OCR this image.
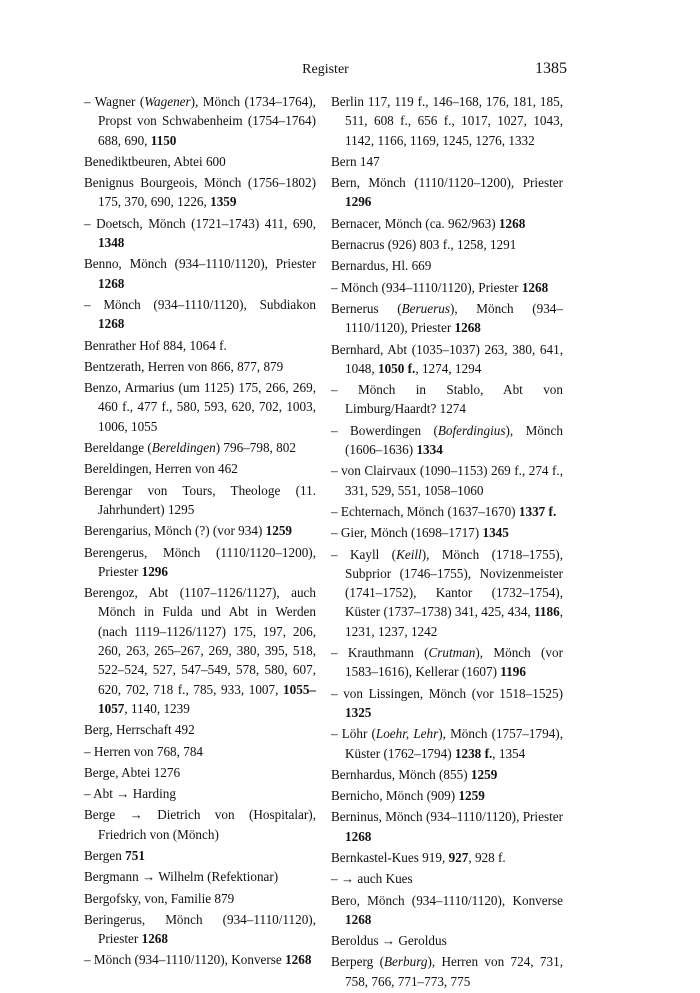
Register	1385

– Wagner (Wagener), Mönch (1734–1764), Propst von Schwabenheim (1754–1764) 688, 690, 1150

Benediktbeuren, Abtei 600

Benignus Bourgeois, Mönch (1756–1802) 175, 370, 690, 1226, 1359

– Doetsch, Mönch (1721–1743) 411, 690, 1348

Benno, Mönch (934–1110/1120), Priester 1268

– Mönch (934–1110/1120), Subdiakon 1268

Benrather Hof 884, 1064 f.

Bentzerath, Herren von 866, 877, 879

Benzo, Armarius (um 1125) 175, 266, 269, 460 f., 477 f., 580, 593, 620, 702, 1003, 1006, 1055

Bereldange (Bereldingen) 796–798, 802

Bereldingen, Herren von 462

Berengar von Tours, Theologe (11. Jahrhundert) 1295

Berengarius, Mönch (?) (vor 934) 1259

Berengerus, Mönch (1110/1120–1200), Priester 1296

Berengoz, Abt (1107–1126/1127), auch Mönch in Fulda und Abt in Werden (nach 1119–1126/1127) 175, 197, 206, 260, 263, 265–267, 269, 380, 395, 518, 522–524, 527, 547–549, 578, 580, 607, 620, 702, 718 f., 785, 933, 1007, 1055–1057, 1140, 1239

Berg, Herrschaft 492

– Herren von 768, 784

Berge, Abtei 1276

– Abt → Harding

Berge → Dietrich von (Hospitalar), Friedrich von (Mönch)

Bergen 751

Bergmann → Wilhelm (Refektionar)

Bergofsky, von, Familie 879

Beringerus, Mönch (934–1110/1120), Priester 1268

– Mönch (934–1110/1120), Konverse 1268

Berlin 117, 119 f., 146–168, 176, 181, 185, 511, 608 f., 656 f., 1017, 1027, 1043, 1142, 1166, 1169, 1245, 1276, 1332

Bern 147

Bern, Mönch (1110/1120–1200), Priester 1296

Bernacer, Mönch (ca. 962/963) 1268

Bernacrus (926) 803 f., 1258, 1291

Bernardus, Hl. 669

– Mönch (934–1110/1120), Priester 1268

Bernerus (Beruerus), Mönch (934–1110/1120), Priester 1268

Bernhard, Abt (1035–1037) 263, 380, 641, 1048, 1050 f., 1274, 1294

– Mönch in Stablo, Abt von Limburg/Haardt? 1274

– Bowerdingen (Boferdingius), Mönch (1606–1636) 1334

– von Clairvaux (1090–1153) 269 f., 274 f., 331, 529, 551, 1058–1060

– Echternach, Mönch (1637–1670) 1337 f.

– Gier, Mönch (1698–1717) 1345

– Kayll (Keill), Mönch (1718–1755), Subprior (1746–1755), Novizenmeister (1741–1752), Kantor (1732–1754), Küster (1737–1738) 341, 425, 434, 1186, 1231, 1237, 1242

– Krauthmann (Crutman), Mönch (vor 1583–1616), Kellerar (1607) 1196

– von Lissingen, Mönch (vor 1518–1525) 1325

– Löhr (Loehr, Lehr), Mönch (1757–1794), Küster (1762–1794) 1238 f., 1354

Bernhardus, Mönch (855) 1259

Bernicho, Mönch (909) 1259

Berninus, Mönch (934–1110/1120), Priester 1268

Bernkastel-Kues 919, 927, 928 f.

– → auch Kues

Bero, Mönch (934–1110/1120), Konverse 1268

Beroldus → Geroldus

Berperg (Berburg), Herren von 724, 731, 758, 766, 771–773, 775
